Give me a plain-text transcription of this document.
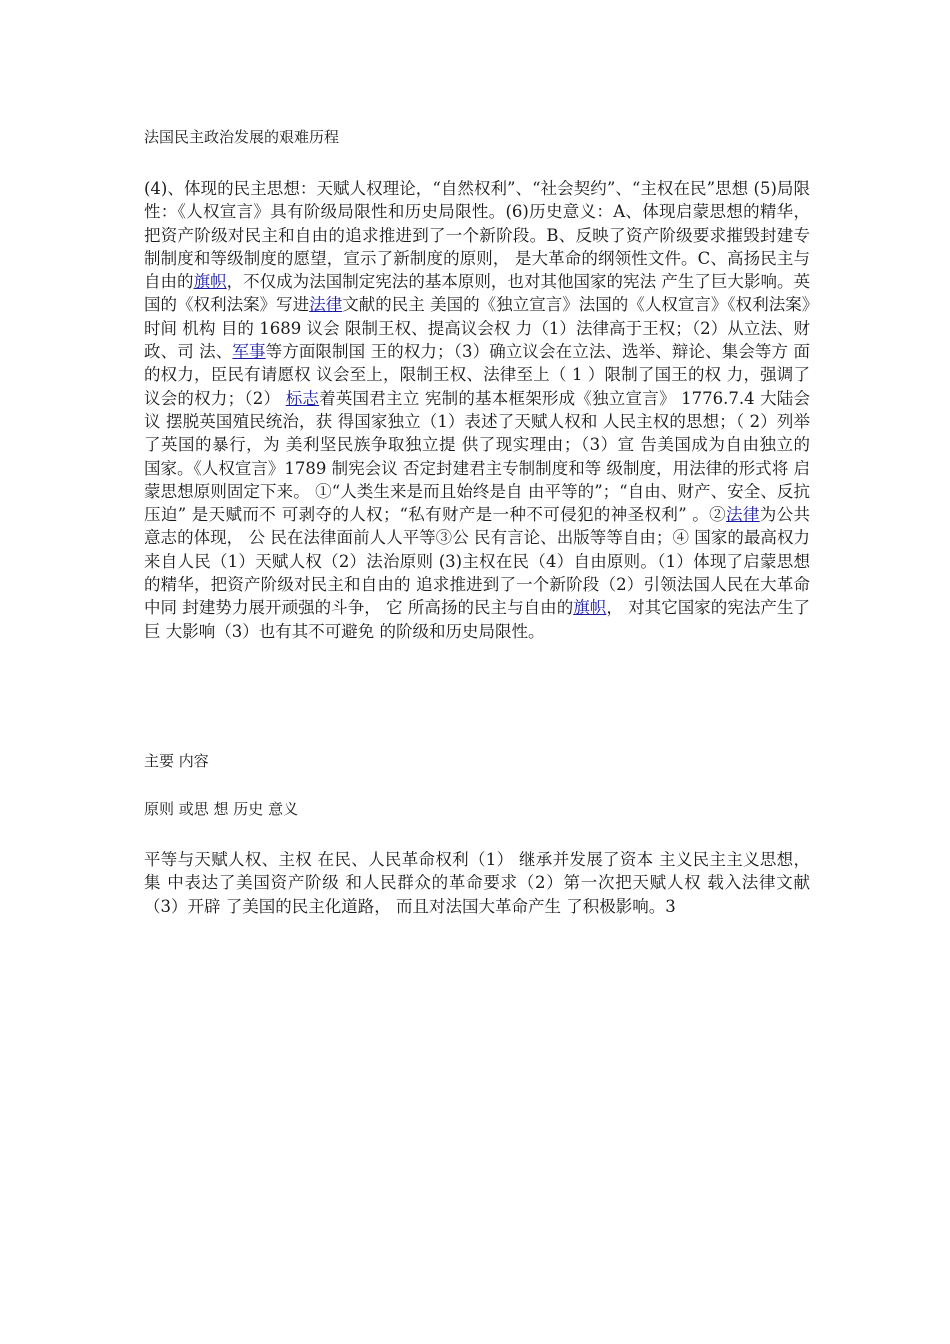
法国民主政治发展的艰难历程
(4)、体现的民主思想：天赋人权理论，“自然权利”、“社会契约”、“主权在民”思想 (5)局限性：《人权宣言》具有阶级局限性和历史局限性。(6)历史意义：A、体现启蒙思想的精华，把资产阶级对民主和自由的追求推进到了一个新阶段。B、反映了资产阶级要求摧毁封建专制制度和等级制度的愿望，宣示了新制度的原则， 是大革命的纲领性文件。C、高扬民主与自由的旗帜，不仅成为法国制定宪法的基本原则，也对其他国家的宪法 产生了巨大影响。英国的《权利法案》写进法律文献的民主 美国的《独立宣言》法国的《人权宣言》《权利法案》时间 机构 目的 1689 议会 限制王权、提高议会权 力（1）法律高于王权；（2）从立法、财政、司 法、军事等方面限制国 王的权力；（3）确立议会在立法、选举、辩论、集会等方 面的权力，臣民有请愿权 议会至上，限制王权、法律至上（ 1 ）限制了国王的权 力，强调了议会的权力；（2） 标志着英国君主立 宪制的基本框架形成《独立宣言》 1776.7.4 大陆会议 摆脱英国殖民统治，获 得国家独立（1）表述了天赋人权和 人民主权的思想；（ 2）列举了英国的暴行，为 美利坚民族争取独立提 供了现实理由；（3）宣 告美国成为自由独立的 国家。《人权宣言》1789 制宪会议 否定封建君主专制制度和等 级制度，用法律的形式将 启蒙思想原则固定下来。 ①“人类生来是而且始终是自 由平等的”；“自由、财产、安全、反抗压迫” 是天赋而不 可剥夺的人权；“私有财产是一种不可侵犯的神圣权利” 。②法律为公共意志的体现， 公 民在法律面前人人平等③公 民有言论、出版等等自由；④ 国家的最高权力来自人民（1）天赋人权（2）法治原则 (3)主权在民（4）自由原则。（1）体现了启蒙思想的精华，把资产阶级对民主和自由的 追求推进到了一个新阶段（2）引领法国人民在大革命中同 封建势力展开顽强的斗争， 它 所高扬的民主与自由的旗帜， 对其它国家的宪法产生了巨 大影响（3）也有其不可避免 的阶级和历史局限性。
主要 内容
原则 或思 想 历史 意义
平等与天赋人权、主权 在民、人民革命权利（1） 继承并发展了资本 主义民主主义思想，集 中表达了美国资产阶级 和人民群众的革命要求（2）第一次把天赋人权 载入法律文献（3）开辟 了美国的民主化道路， 而且对法国大革命产生 了积极影响。3
